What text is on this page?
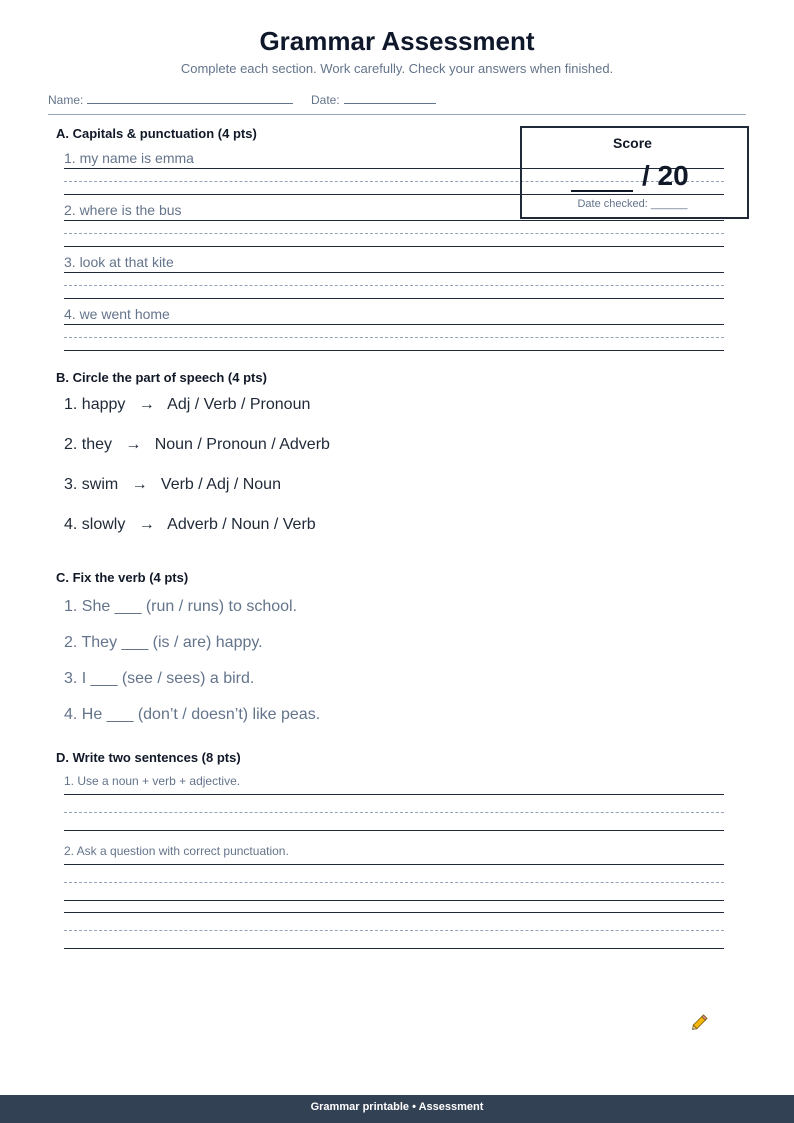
Grammar Assessment
Complete each section. Work carefully. Check your answers when finished.
Name:	Date:
A. Capitals & punctuation (4 pts)
1. my name is emma
2. where is the bus
3. look at that kite
4. we went home
Score
/ 20
Date checked: ______
B. Circle the part of speech (4 pts)
1. happy   →   Adj / Verb / Pronoun
2. they   →   Noun / Pronoun / Adverb
3. swim   →   Verb / Adj / Noun
4. slowly   →   Adverb / Noun / Verb
C. Fix the verb (4 pts)
1. She ___ (run / runs) to school.
2. They ___ (is / are) happy.
3. I ___ (see / sees) a bird.
4. He ___ (don’t / doesn’t) like peas.
D. Write two sentences (8 pts)
1. Use a noun + verb + adjective.
2. Ask a question with correct punctuation.
Grammar printable • Assessment
